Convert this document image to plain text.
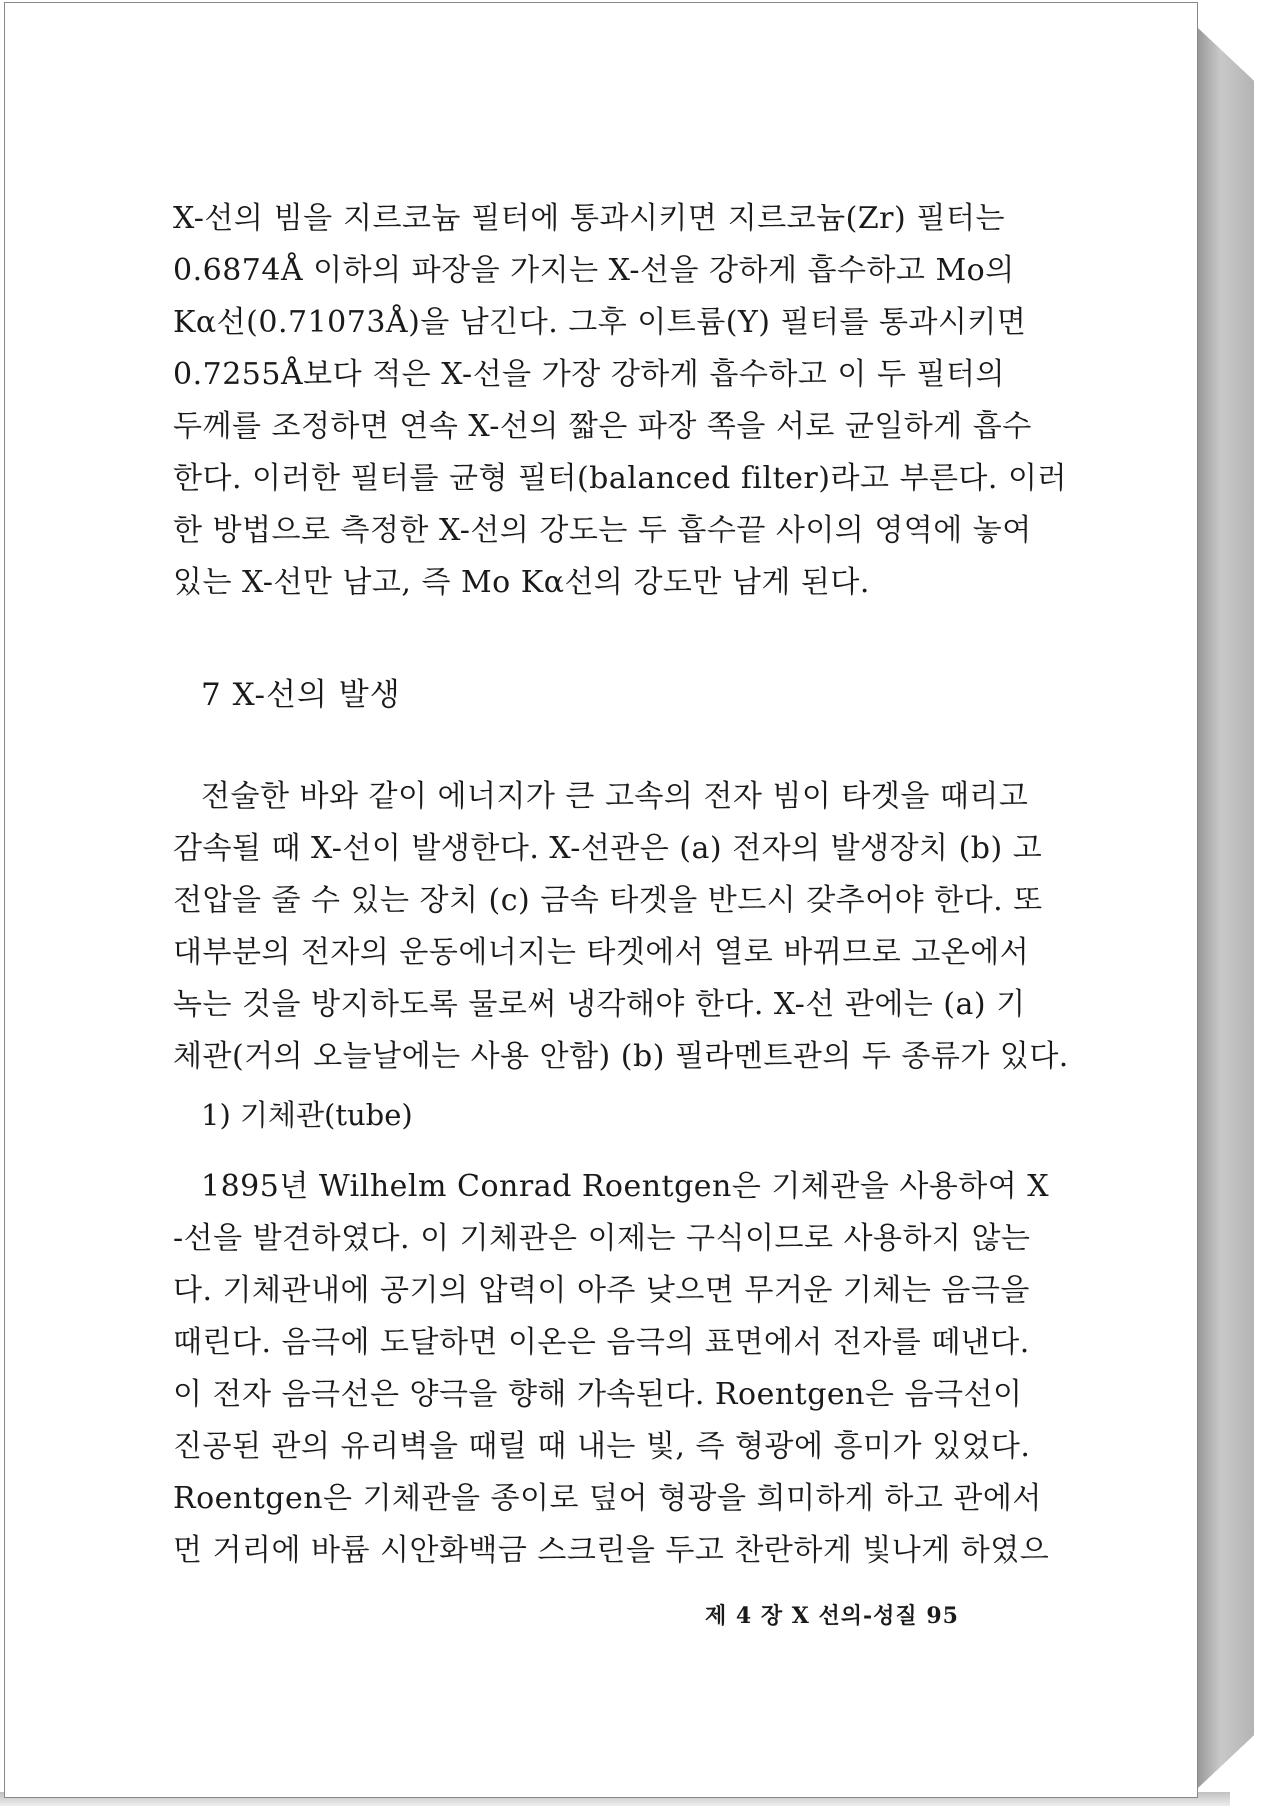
X-선의 빔을 지르코늄 필터에 통과시키면 지르코늄(Zr) 필터는
0.6874Å 이하의 파장을 가지는 X-선을 강하게 흡수하고 Mo의
Kα선(0.71073Å)을 남긴다. 그후 이트륨(Y) 필터를 통과시키면
0.7255Å보다 적은 X-선을 가장 강하게 흡수하고 이 두 필터의
두께를 조정하면 연속 X-선의 짧은 파장 쪽을 서로 균일하게 흡수
한다. 이러한 필터를 균형 필터(balanced filter)라고 부른다. 이러
한 방법으로 측정한 X-선의 강도는 두 흡수끝 사이의 영역에 놓여
있는 X-선만 남고, 즉 Mo Kα선의 강도만 남게 된다.
7 X-선의 발생
전술한 바와 같이 에너지가 큰 고속의 전자 빔이 타겟을 때리고
감속될 때 X-선이 발생한다. X-선관은 (a) 전자의 발생장치 (b) 고
전압을 줄 수 있는 장치 (c) 금속 타겟을 반드시 갖추어야 한다. 또
대부분의 전자의 운동에너지는 타겟에서 열로 바뀌므로 고온에서
녹는 것을 방지하도록 물로써 냉각해야 한다. X-선 관에는 (a) 기
체관(거의 오늘날에는 사용 안함) (b) 필라멘트관의 두 종류가 있다.
1) 기체관(tube)
1895년 Wilhelm Conrad Roentgen은 기체관을 사용하여 X
-선을 발견하였다. 이 기체관은 이제는 구식이므로 사용하지 않는
다. 기체관내에 공기의 압력이 아주 낮으면 무거운 기체는 음극을
때린다. 음극에 도달하면 이온은 음극의 표면에서 전자를 떼낸다.
이 전자 음극선은 양극을 향해 가속된다. Roentgen은 음극선이
진공된 관의 유리벽을 때릴 때 내는 빛, 즉 형광에 흥미가 있었다.
Roentgen은 기체관을 종이로 덮어 형광을 희미하게 하고 관에서
먼 거리에 바륨 시안화백금 스크린을 두고 찬란하게 빛나게 하였으
제 4 장 X 선의-성질 95
